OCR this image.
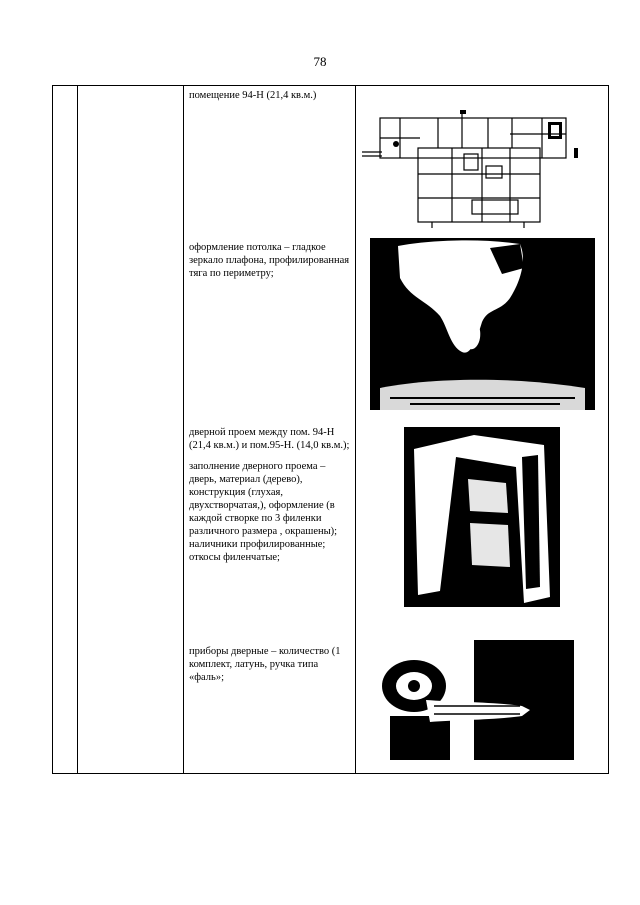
78

помещение 94-Н (21,4 кв.м.)

оформление потолка – гладкое зеркало плафона, профилированная тяга по периметру;

дверной проем между пом. 94-Н (21,4 кв.м.) и пом.95-Н. (14,0 кв.м.);

заполнение дверного проема – дверь, материал (дерево), конструкция (глухая, двухстворчатая,), оформление (в каждой створке по 3 филенки различного размера , окрашены);

наличники профилированные;

откосы филенчатые;

приборы дверные – количество (1 комплект, латунь, ручка типа «фаль»;
